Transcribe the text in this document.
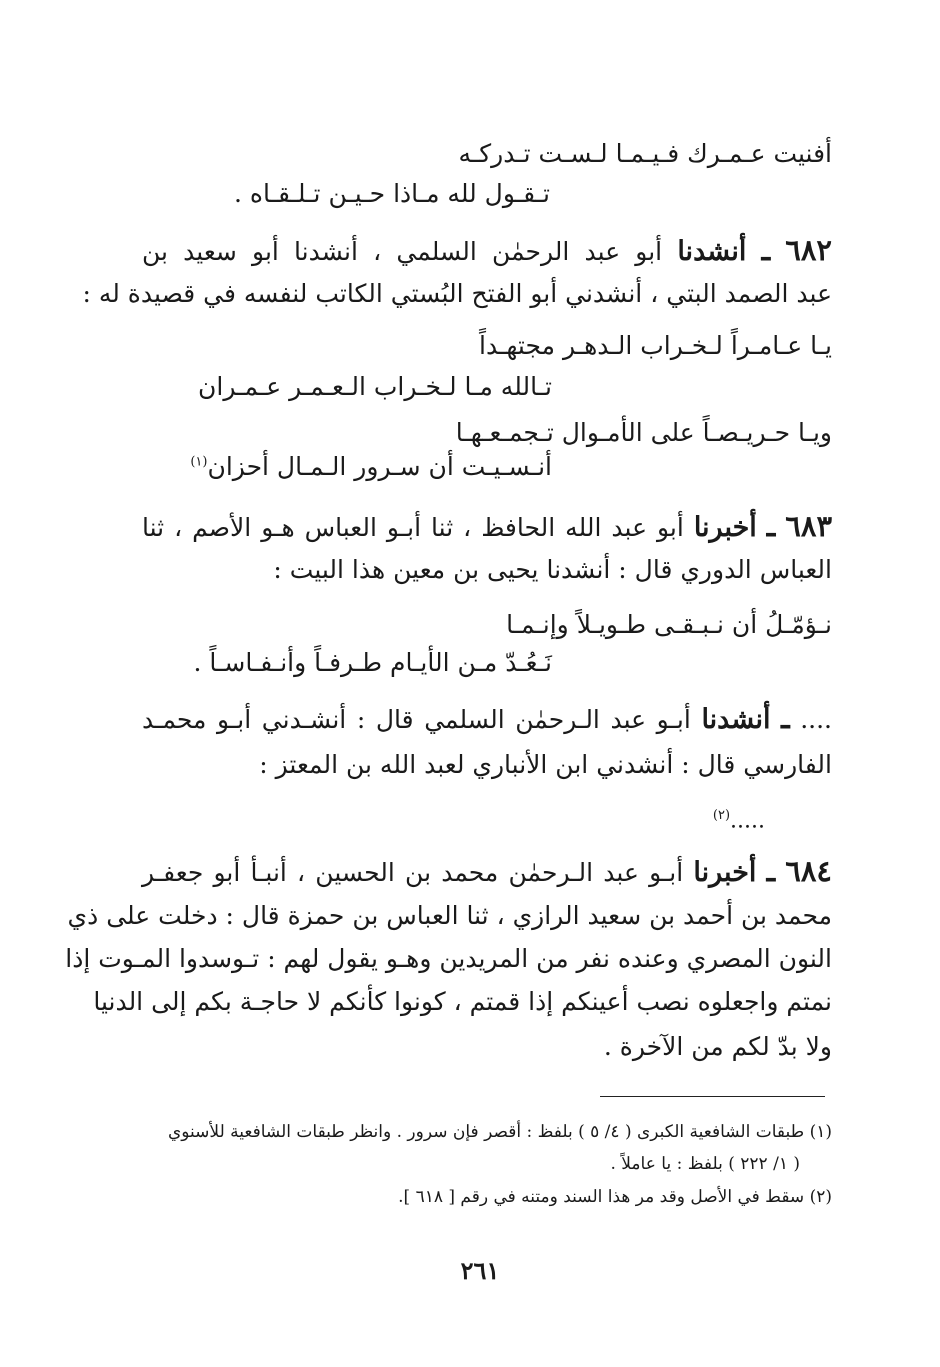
أفنيت عـمـرك فـيـمـا لـسـت تـدركـه
تـقـول لله مـاذا حـيـن تـلـقـاه .
٦٨٢ ـ أنشدنا أبو عبد الرحمٰن السلمي ، أنشدنا أبو سعيد بن
عبد الصمد البتي ، أنشدني أبو الفتح البُستي الكاتب لنفسه في قصيدة له :
يـا عـامـراً لـخـراب الـدهـر مجتهـداً
تـالله مـا لـخـراب الـعـمـر عـمـران
ويـا حـريـصـاً على الأمـوال تـجمـعـهـا
أنـسـيـت أن سـرور الـمـال أحزان$^{(١)}$
٦٨٣ ـ أخبرنا أبو عبد الله الحافظ ، ثنا أبـو العباس هـو الأصم ، ثنا
العباس الدوري قال : أنشدنا يحيى بن معين هذا البيت :
نـؤمّـلُ أن نـبـقـى طـويـلاً وإنـمـا
نَـعُـدّ مـن الأيـام طـرفـاً وأنـفـاسـاً .
.... ـ أنشدنا أبـو عبد الـرحمٰن السلمي قال : أنشـدني أبـو محمـد
الفارسي قال : أنشدني ابن الأنباري لعبد الله بن المعتز :
.....$^{(٢)}$
٦٨٤ ـ أخبرنا أبـو عبد الـرحمٰن محمد بن الحسين ، أنبـأ أبو جعفـر
محمد بن أحمد بن سعيد الرازي ، ثنا العباس بن حمزة قال : دخلت على ذي
النون المصري وعنده نفر من المريدين وهـو يقول لهم : تـوسدوا المـوت إذا
نمتم واجعلوه نصب أعينكم إذا قمتم ، كونوا كأنكم لا حاجـة بكم إلى الدنيا
ولا بدّ لكم من الآخرة .
(١) طبقات الشافعية الكبرى ( ٤/ ٥ ) بلفظ : أقصر فإن سرور . وانظر طبقات الشافعية للأسنوي
( ١/ ٢٢٢ ) بلفظ : يا عاملاً .
(٢) سقط في الأصل وقد مر هذا السند ومتنه في رقم [ ٦١٨ ].
٢٦١
